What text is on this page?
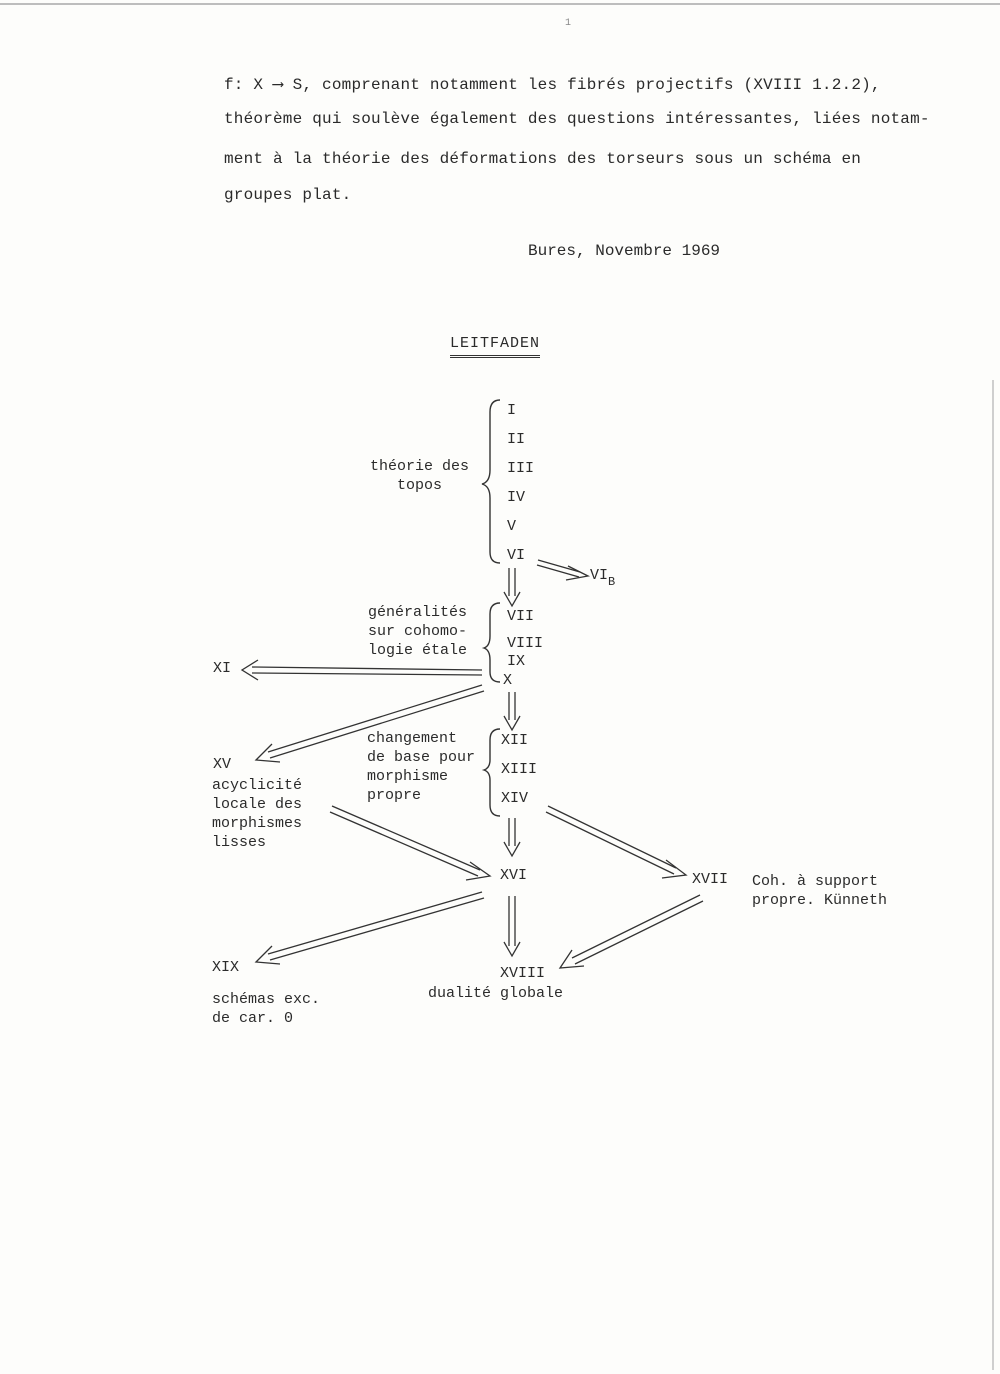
1
f: X ⟶ S, comprenant notamment les fibrés projectifs (XVIII 1.2.2),
théorème qui soulève également des questions intéressantes, liées notam-
ment à la théorie des déformations des torseurs sous un schéma en
groupes plat.
Bures, Novembre 1969
LEITFADEN
théorie des
topos
généralités
sur cohomo-
logie étale
changement
de base pour
morphisme
propre
acyclicité
locale des
morphismes
lisses
Coh. à support
propre. Künneth
schémas exc.
de car. 0
dualité globale
I
II
III
IV
V
VI
$VI_B$
VII
VIII
IX
X
XI
XII
XIII
XIV
XV
XVI	XVII
XVIII
XIX
